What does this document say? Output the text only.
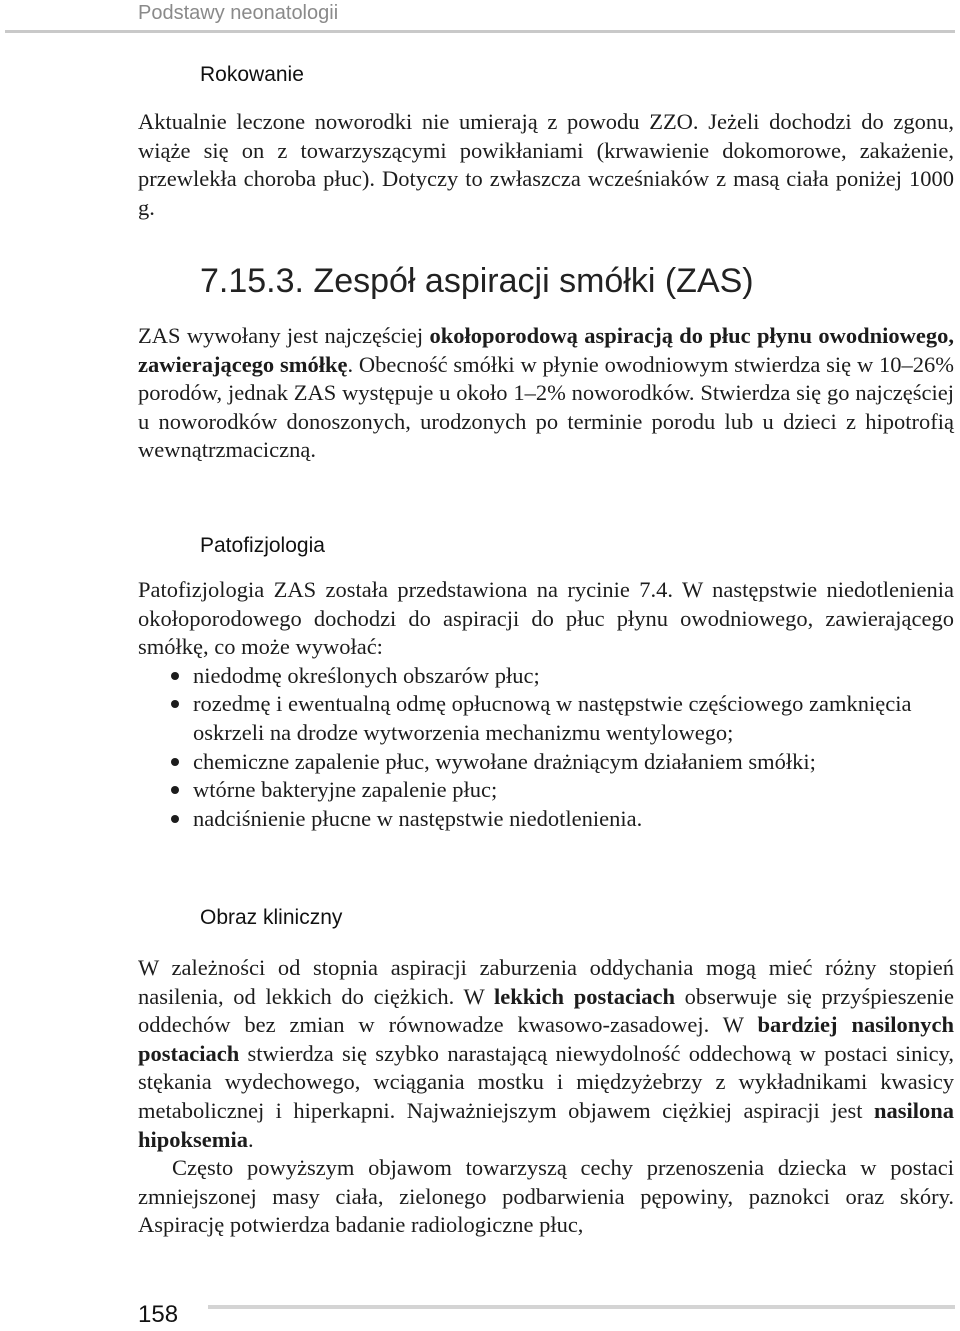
Podstawy neonatologii
Rokowanie

Aktualnie leczone noworodki nie umierają z powodu ZZO. Jeżeli dochodzi do zgonu, wiąże się on z towarzyszącymi powikłaniami (krwawienie dokomorowe, zakażenie, przewlekła choroba płuc). Dotyczy to zwłaszcza wcześniaków z masą ciała poniżej 1000 g.

7.15.3. Zespół aspiracji smółki (ZAS)

ZAS wywołany jest najczęściej okołoporodową aspiracją do płuc płynu owodniowego, zawierającego smółkę. Obecność smółki w płynie owodniowym stwierdza się w 10–26% porodów, jednak ZAS występuje u około 1–2% noworodków. Stwierdza się go najczęściej u noworodków donoszonych, urodzonych po terminie porodu lub u dzieci z hipotrofią wewnątrzmaciczną.

Patofizjologia

Patofizjologia ZAS została przedstawiona na rycinie 7.4. W następstwie niedotlenienia okołoporodowego dochodzi do aspiracji do płuc płynu owodniowego, zawierającego smółkę, co może wywołać:

niedodmę określonych obszarów płuc;
rozedmę i ewentualną odmę opłucnową w następstwie częściowego zamknięcia oskrzeli na drodze wytworzenia mechanizmu wentylowego;
chemiczne zapalenie płuc, wywołane drażniącym działaniem smółki;
wtórne bakteryjne zapalenie płuc;
nadciśnienie płucne w następstwie niedotlenienia.
Obraz kliniczny

W zależności od stopnia aspiracji zaburzenia oddychania mogą mieć różny stopień nasilenia, od lekkich do ciężkich. W lekkich postaciach obserwuje się przyśpieszenie oddechów bez zmian w równowadze kwasowo-zasadowej. W bardziej nasilonych postaciach stwierdza się szybko narastającą niewydolność oddechową w postaci sinicy, stękania wydechowego, wciągania mostku i międzyżebrzy z wykładnikami kwasicy metabolicznej i hiperkapni. Najważniejszym objawem ciężkiej aspiracji jest nasilona hipoksemia.

Często powyższym objawom towarzyszą cechy przenoszenia dziecka w postaci zmniejszonej masy ciała, zielonego podbarwienia pępowiny, paznokci oraz skóry. Aspirację potwierdza badanie radiologiczne płuc,

158
